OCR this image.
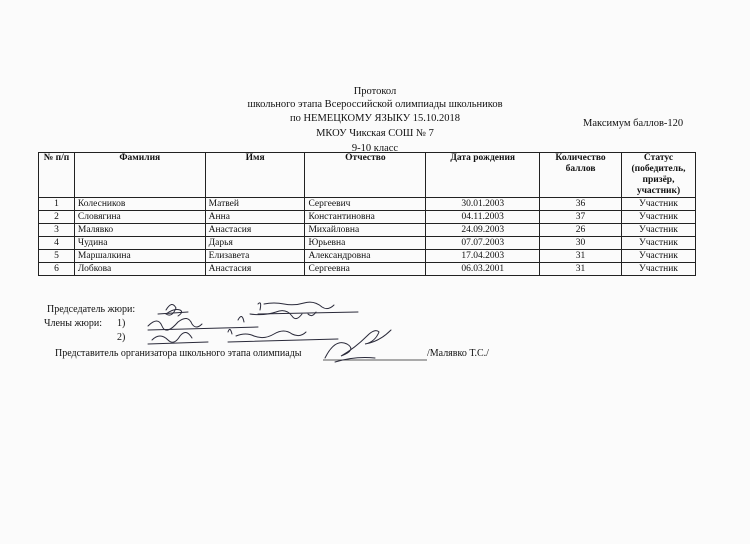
Протокол
школьного этапа Всероссийской олимпиады школьников
по НЕМЕЦКОМУ ЯЗЫКУ 15.10.2018
МКОУ Чикская СОШ № 7
9-10 класс
Максимум баллов-120
№ п/п	Фамилия	Имя	Отчество	Дата рождения	Количество баллов	Статус (победитель, призёр, участник)
1	Колесников	Матвей	Сергеевич	30.01.2003	36	Участник
2	Словягина	Анна	Константиновна	04.11.2003	37	Участник
3	Малявко	Анастасия	Михайловна	24.09.2003	26	Участник
4	Чудина	Дарья	Юрьевна	07.07.2003	30	Участник
5	Маршалкина	Елизавета	Александровна	17.04.2003	31	Участник
6	Лобкова	Анастасия	Сергеевна	06.03.2001	31	Участник
Председатель жюри:
Члены жюри: 1)
2)
Представитель организатора школьного этапа олимпиады	/Малявко Т.С./
